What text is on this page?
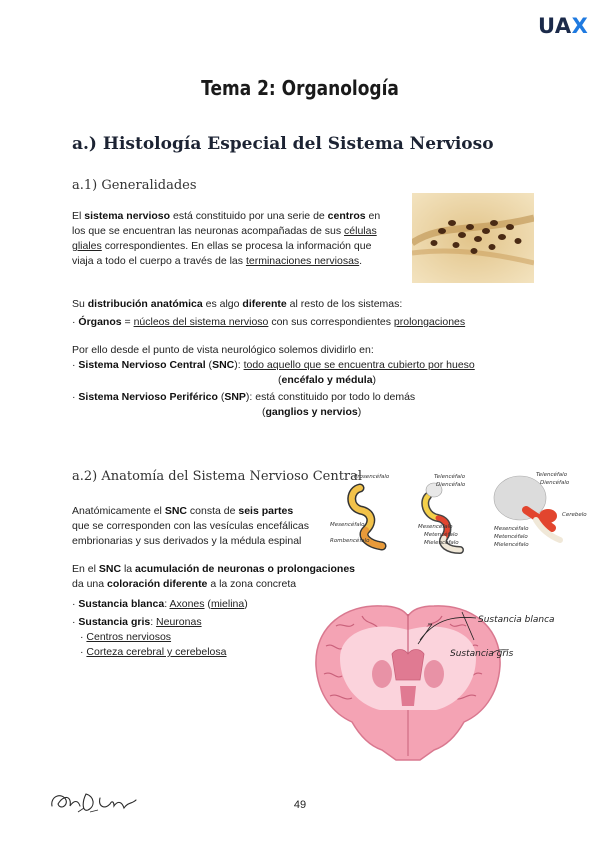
UAX
Tema 2: Organología
a.) Histología Especial del Sistema Nervioso
a.1) Generalidades
El sistema nervioso está constituido por una serie de centros en
los que se encuentran las neuronas acompañadas de sus células
gliales correspondientes. En ellas se procesa la información que
viaja a todo el cuerpo a través de las terminaciones nerviosas.
Su distribución anatómica es algo diferente al resto de los sistemas:
· Órganos = núcleos del sistema nervioso con sus correspondientes prolongaciones
Por ello desde el punto de vista neurológico solemos dividirlo en:
· Sistema Nervioso Central (SNC): todo aquello que se encuentra cubierto por hueso
(encéfalo y médula)
· Sistema Nervioso Periférico (SNP): está constituido por todo lo demás
(ganglios y nervios)
a.2) Anatomía del Sistema Nervioso Central
Anatómicamente el SNC consta de seis partes
que se corresponden con las vesículas encefálicas
embrionarias y sus derivados y la médula espinal
Prosencéfalo
Mesencéfalo
Rombencéfalo
Telencéfalo
Diencéfalo
Mesencéfalo
Metencéfalo
Mielencéfalo
Telencéfalo
Diencéfalo
Cerebelo
Mesencéfalo
Metencéfalo
Mielencéfalo
En el SNC la acumulación de neuronas o prolongaciones
da una coloración diferente a la zona concreta
· Sustancia blanca: Axones (mielina)
· Sustancia gris: Neuronas
· Centros nerviosos
· Corteza cerebral y cerebelosa
Sustancia blanca
Sustancia gris
49
